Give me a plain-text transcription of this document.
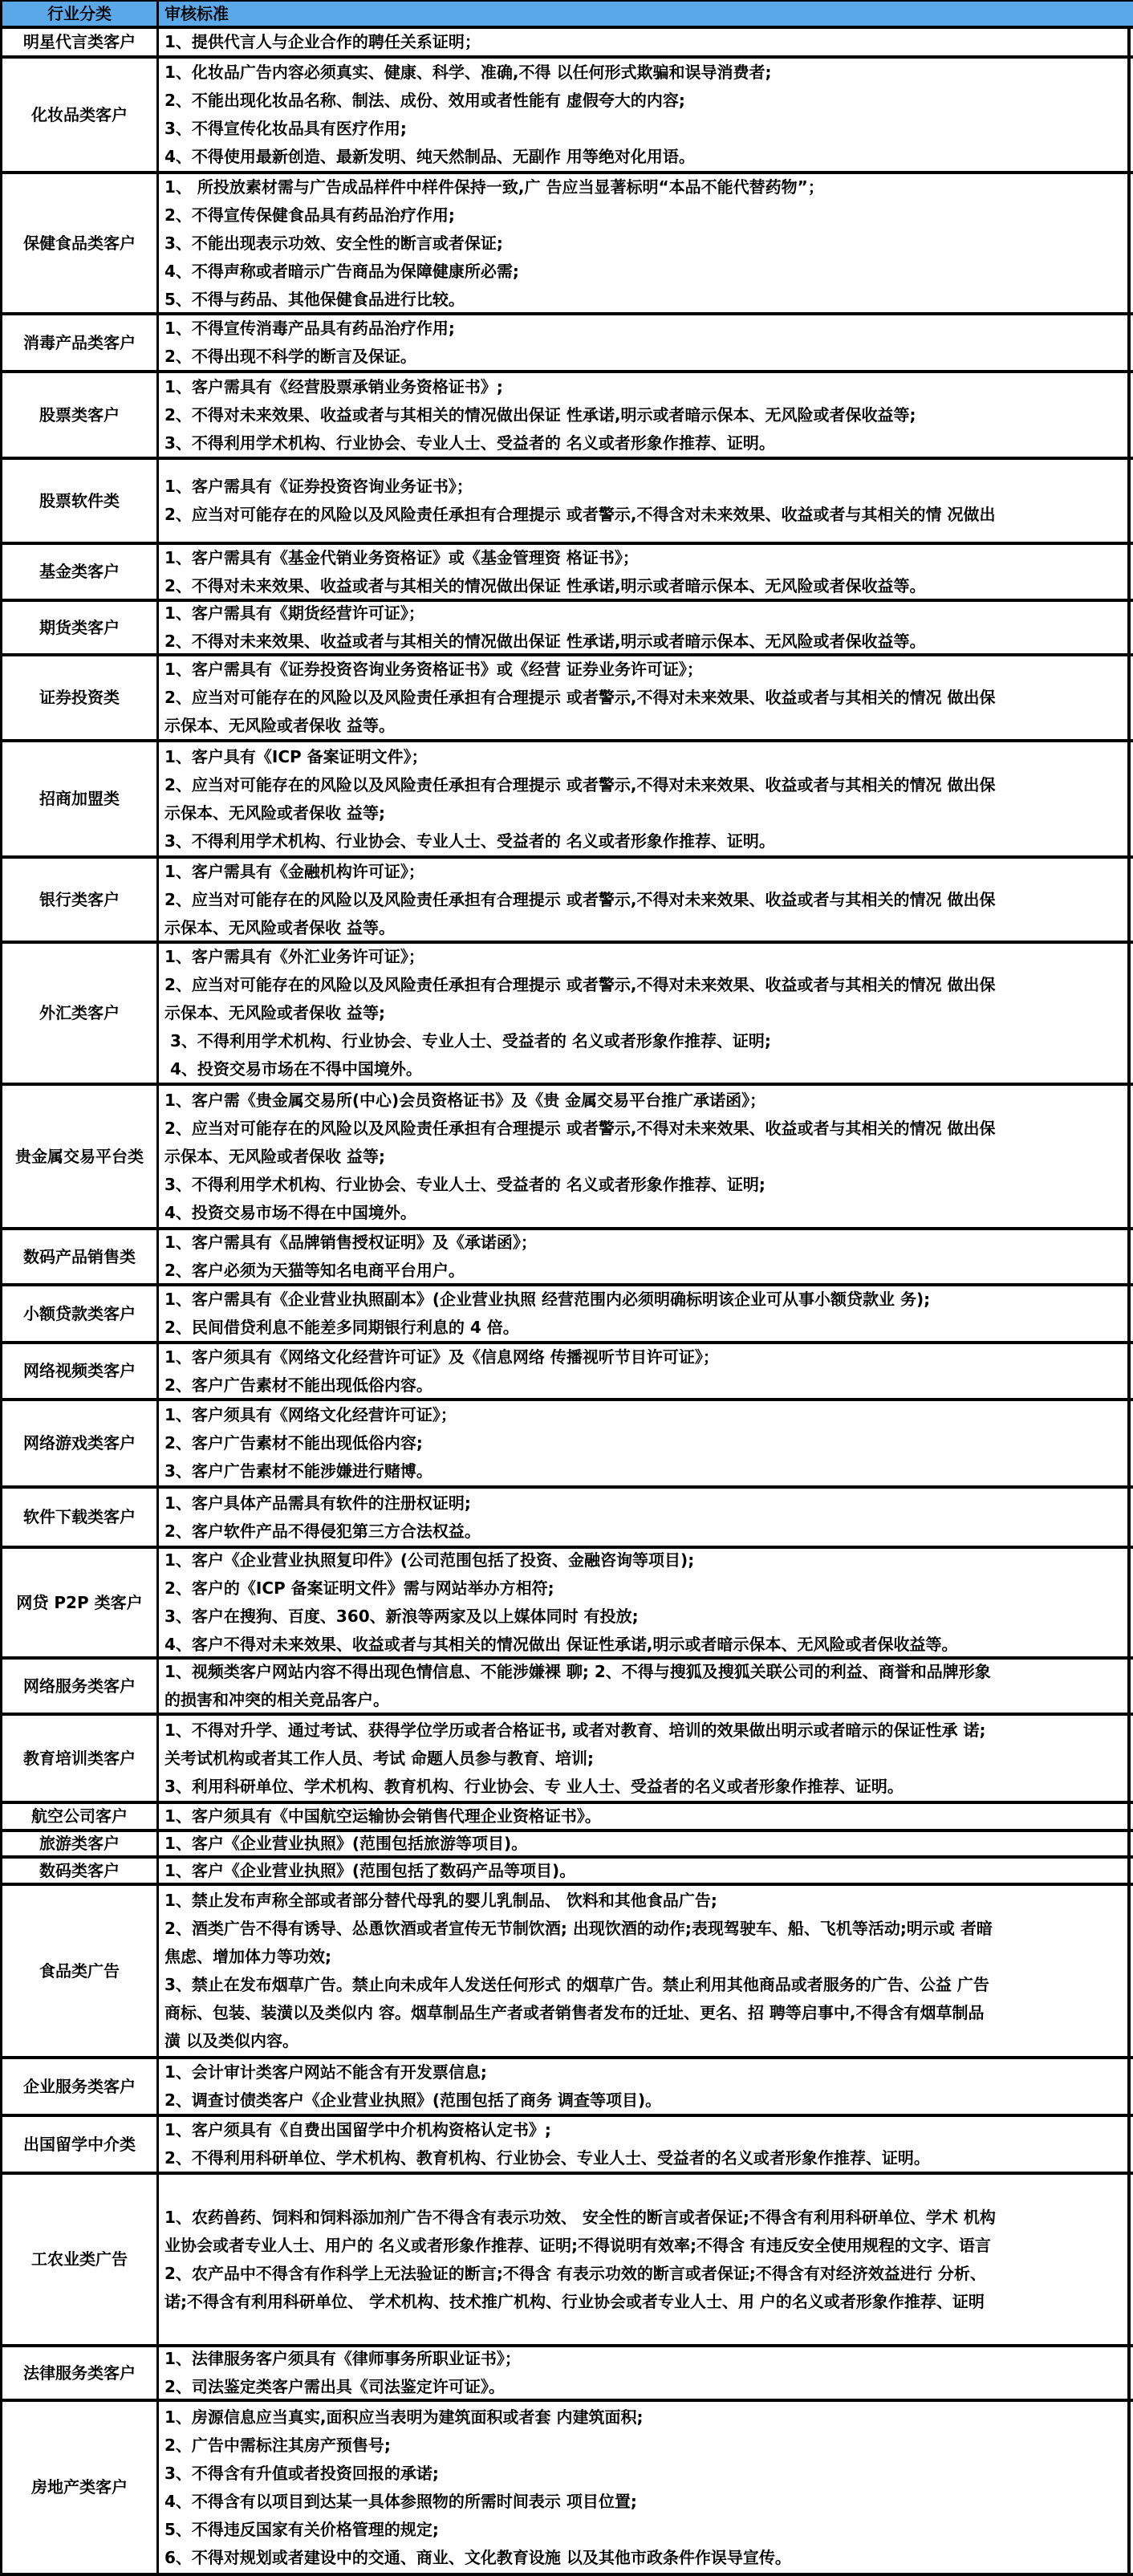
行业分类	审核标准
明星代言类客户	1、提供代言人与企业合作的聘任关系证明；
化妆品类客户
1、化妆品广告内容必须真实、健康、科学、准确,不得 以任何形式欺骗和误导消费者;
2、不能出现化妆品名称、制法、成份、效用或者性能有 虚假夸大的内容;
3、不得宣传化妆品具有医疗作用;
4、不得使用最新创造、最新发明、纯天然制品、无副作 用等绝对化用语。
保健食品类客户
1、 所投放素材需与广告成品样件中样件保持一致,广 告应当显著标明“本品不能代替药物”；
2、不得宣传保健食品具有药品治疗作用;
3、不能出现表示功效、安全性的断言或者保证;
4、不得声称或者暗示广告商品为保障健康所必需;
5、不得与药品、其他保健食品进行比较。
消毒产品类客户
1、不得宣传消毒产品具有药品治疗作用;
2、不得出现不科学的断言及保证。
股票类客户
1、客户需具有《经营股票承销业务资格证书》;
2、不得对未来效果、收益或者与其相关的情况做出保证 性承诺,明示或者暗示保本、无风险或者保收益等;
3、不得利用学术机构、行业协会、专业人士、受益者的 名义或者形象作推荐、证明。
股票软件类
1、客户需具有《证券投资咨询业务证书》；
2、应当对可能存在的风险以及风险责任承担有合理提示 或者警示,不得含对未来效果、收益或者与其相关的情 况做出
基金类客户
1、客户需具有《基金代销业务资格证》或《基金管理资 格证书》；
2、不得对未来效果、收益或者与其相关的情况做出保证 性承诺,明示或者暗示保本、无风险或者保收益等。
期货类客户
1、客户需具有《期货经营许可证》；
2、不得对未来效果、收益或者与其相关的情况做出保证 性承诺,明示或者暗示保本、无风险或者保收益等。
证券投资类
1、客户需具有《证券投资咨询业务资格证书》或《经营 证券业务许可证》；
2、应当对可能存在的风险以及风险责任承担有合理提示 或者警示,不得对未来效果、收益或者与其相关的情况 做出保
示保本、无风险或者保收 益等。
招商加盟类
1、客户具有《ICP 备案证明文件》；
2、应当对可能存在的风险以及风险责任承担有合理提示 或者警示,不得对未来效果、收益或者与其相关的情况 做出保
示保本、无风险或者保收 益等;
3、不得利用学术机构、行业协会、专业人士、受益者的 名义或者形象作推荐、证明。
银行类客户
1、客户需具有《金融机构许可证》；
2、应当对可能存在的风险以及风险责任承担有合理提示 或者警示,不得对未来效果、收益或者与其相关的情况 做出保
示保本、无风险或者保收 益等。
外汇类客户
1、客户需具有《外汇业务许可证》；
2、应当对可能存在的风险以及风险责任承担有合理提示 或者警示,不得对未来效果、收益或者与其相关的情况 做出保
示保本、无风险或者保收 益等;
3、不得利用学术机构、行业协会、专业人士、受益者的 名义或者形象作推荐、证明;
4、投资交易市场在不得中国境外。
贵金属交易平台类
1、客户需《贵金属交易所(中心)会员资格证书》及《贵 金属交易平台推广承诺函》；
2、应当对可能存在的风险以及风险责任承担有合理提示 或者警示,不得对未来效果、收益或者与其相关的情况 做出保
示保本、无风险或者保收 益等;
3、不得利用学术机构、行业协会、专业人士、受益者的 名义或者形象作推荐、证明;
4、投资交易市场不得在中国境外。
数码产品销售类
1、客户需具有《品牌销售授权证明》及《承诺函》；
2、客户必须为天猫等知名电商平台用户。
小额贷款类客户
1、客户需具有《企业营业执照副本》(企业营业执照 经营范围内必须明确标明该企业可从事小额贷款业 务);
2、民间借贷利息不能差多同期银行利息的 4 倍。
网络视频类客户
1、客户须具有《网络文化经营许可证》及《信息网络 传播视听节目许可证》；
2、客户广告素材不能出现低俗内容。
网络游戏类客户
1、客户须具有《网络文化经营许可证》；
2、客户广告素材不能出现低俗内容;
3、客户广告素材不能涉嫌进行赌博。
软件下载类客户
1、客户具体产品需具有软件的注册权证明;
2、客户软件产品不得侵犯第三方合法权益。
网贷 P2P 类客户
1、客户《企业营业执照复印件》(公司范围包括了投资、金融咨询等项目);
2、客户的《ICP 备案证明文件》需与网站举办方相符;
3、客户在搜狗、百度、360、新浪等两家及以上媒体同时 有投放;
4、客户不得对未来效果、收益或者与其相关的情况做出 保证性承诺,明示或者暗示保本、无风险或者保收益等。
网络服务类客户
1、视频类客户网站内容不得出现色情信息、不能涉嫌裸 聊; 2、不得与搜狐及搜狐关联公司的利益、商誉和品牌形象
的损害和冲突的相关竞品客户。
教育培训类客户
1、不得对升学、通过考试、获得学位学历或者合格证书, 或者对教育、培训的效果做出明示或者暗示的保证性承 诺;
关考试机构或者其工作人员、考试 命题人员参与教育、培训;
3、利用科研单位、学术机构、教育机构、行业协会、专 业人士、受益者的名义或者形象作推荐、证明。
航空公司客户	1、客户须具有《中国航空运输协会销售代理企业资格证书》。
旅游类客户	1、客户《企业营业执照》(范围包括旅游等项目)。
数码类客户	1、客户《企业营业执照》(范围包括了数码产品等项目)。
食品类广告
1、禁止发布声称全部或者部分替代母乳的婴儿乳制品、 饮料和其他食品广告;
2、酒类广告不得有诱导、怂恿饮酒或者宣传无节制饮酒; 出现饮酒的动作;表现驾驶车、船、飞机等活动;明示或 者暗
焦虑、增加体力等功效;
3、禁止在发布烟草广告。禁止向未成年人发送任何形式 的烟草广告。禁止利用其他商品或者服务的广告、公益 广告
商标、包装、装潢以及类似内 容。烟草制品生产者或者销售者发布的迁址、更名、招 聘等启事中,不得含有烟草制品
潢 以及类似内容。
企业服务类客户
1、会计审计类客户网站不能含有开发票信息;
2、调查讨债类客户《企业营业执照》(范围包括了商务 调查等项目)。
出国留学中介类
1、客户须具有《自费出国留学中介机构资格认定书》;
2、不得利用科研单位、学术机构、教育机构、行业协会、专业人士、受益者的名义或者形象作推荐、证明。
工农业类广告
1、农药兽药、饲料和饲料添加剂广告不得含有表示功效、 安全性的断言或者保证;不得含有利用科研单位、学术 机构
业协会或者专业人士、用户的 名义或者形象作推荐、证明;不得说明有效率;不得含 有违反安全使用规程的文字、语言
2、农产品中不得含有作科学上无法验证的断言;不得含 有表示功效的断言或者保证;不得含有对经济效益进行 分析、
诺;不得含有利用科研单位、 学术机构、技术推广机构、行业协会或者专业人士、用 户的名义或者形象作推荐、证明
法律服务类客户
1、法律服务客户须具有《律师事务所职业证书》；
2、司法鉴定类客户需出具《司法鉴定许可证》。
房地产类客户
1、房源信息应当真实,面积应当表明为建筑面积或者套 内建筑面积;
2、广告中需标注其房产预售号;
3、不得含有升值或者投资回报的承诺;
4、不得含有以项目到达某一具体参照物的所需时间表示 项目位置;
5、不得违反国家有关价格管理的规定;
6、不得对规划或者建设中的交通、商业、文化教育设施 以及其他市政条件作误导宣传。
